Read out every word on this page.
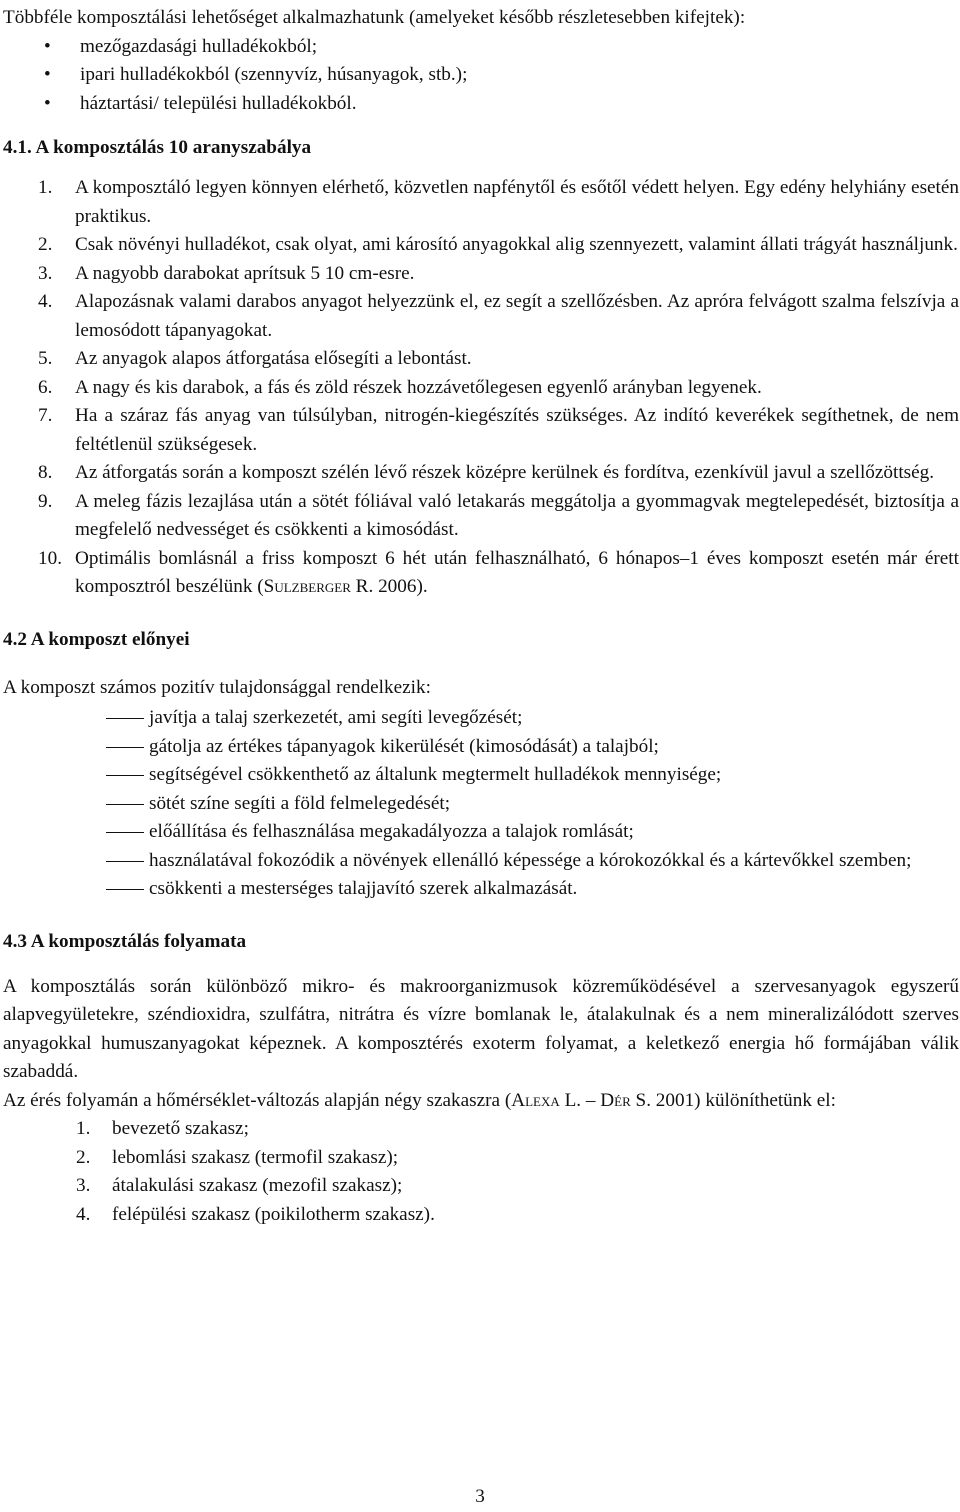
Többféle komposztálási lehetőséget alkalmazhatunk (amelyeket később részletesebben kifejtek):

• mezőgazdasági hulladékokból;
• ipari hulladékokból (szennyvíz, húsanyagok, stb.);
• háztartási/ települési hulladékokból.
4.1. A komposztálás 10 aranyszabálya
1. A komposztáló legyen könnyen elérhető, közvetlen napfénytől és esőtől védett helyen. Egy edény helyhiány esetén praktikus.
2. Csak növényi hulladékot, csak olyat, ami károsító anyagokkal alig szennyezett, valamint állati trágyát használjunk.
3. A nagyobb darabokat aprítsuk 5 10 cm-esre.
4. Alapozásnak valami darabos anyagot helyezzünk el, ez segít a szellőzésben. Az apróra felvágott szalma felszívja a lemosódott tápanyagokat.
5. Az anyagok alapos átforgatása elősegíti a lebontást.
6. A nagy és kis darabok, a fás és zöld részek hozzávetőlegesen egyenlő arányban legyenek.
7. Ha a száraz fás anyag van túlsúlyban, nitrogén-kiegészítés szükséges. Az indító keverékek segíthetnek, de nem feltétlenül szükségesek.
8. Az átforgatás során a komposzt szélén lévő részek középre kerülnek és fordítva, ezenkívül javul a szellőzöttség.
9. A meleg fázis lezajlása után a sötét fóliával való letakarás meggátolja a gyommagvak megtelepedését, biztosítja a megfelelő nedvességet és csökkenti a kimosódást.
10. Optimális bomlásnál a friss komposzt 6 hét után felhasználható, 6 hónapos–1 éves komposzt esetén már érett komposztról beszélünk (Sulzberger R. 2006).
4.2 A komposzt előnyei

A komposzt számos pozitív tulajdonsággal rendelkezik:

javítja a talaj szerkezetét, ami segíti levegőzését;
gátolja az értékes tápanyagok kikerülését (kimosódását) a talajból;
segítségével csökkenthető az általunk megtermelt hulladékok mennyisége;
sötét színe segíti a föld felmelegedését;
előállítása és felhasználása megakadályozza a talajok romlását;
használatával fokozódik a növények ellenálló képessége a kórokozókkal és a kártevőkkel szemben;
csökkenti a mesterséges talajjavító szerek alkalmazását.
4.3 A komposztálás folyamata

A komposztálás során különböző mikro- és makroorganizmusok közreműködésével a szervesanyagok egyszerű alapvegyületekre, széndioxidra, szulfátra, nitrátra és vízre bomlanak le, átalakulnak és a nem mineralizálódott szerves anyagokkal humuszanyagokat képeznek. A komposztérés exoterm folyamat, a keletkező energia hő formájában válik szabaddá.

Az érés folyamán a hőmérséklet-változás alapján négy szakaszra (Alexa L. – Dér S. 2001) különíthetünk el:

1. bevezető szakasz;
2. lebomlási szakasz (termofil szakasz);
3. átalakulási szakasz (mezofil szakasz);
4. felépülési szakasz (poikilotherm szakasz).
3
